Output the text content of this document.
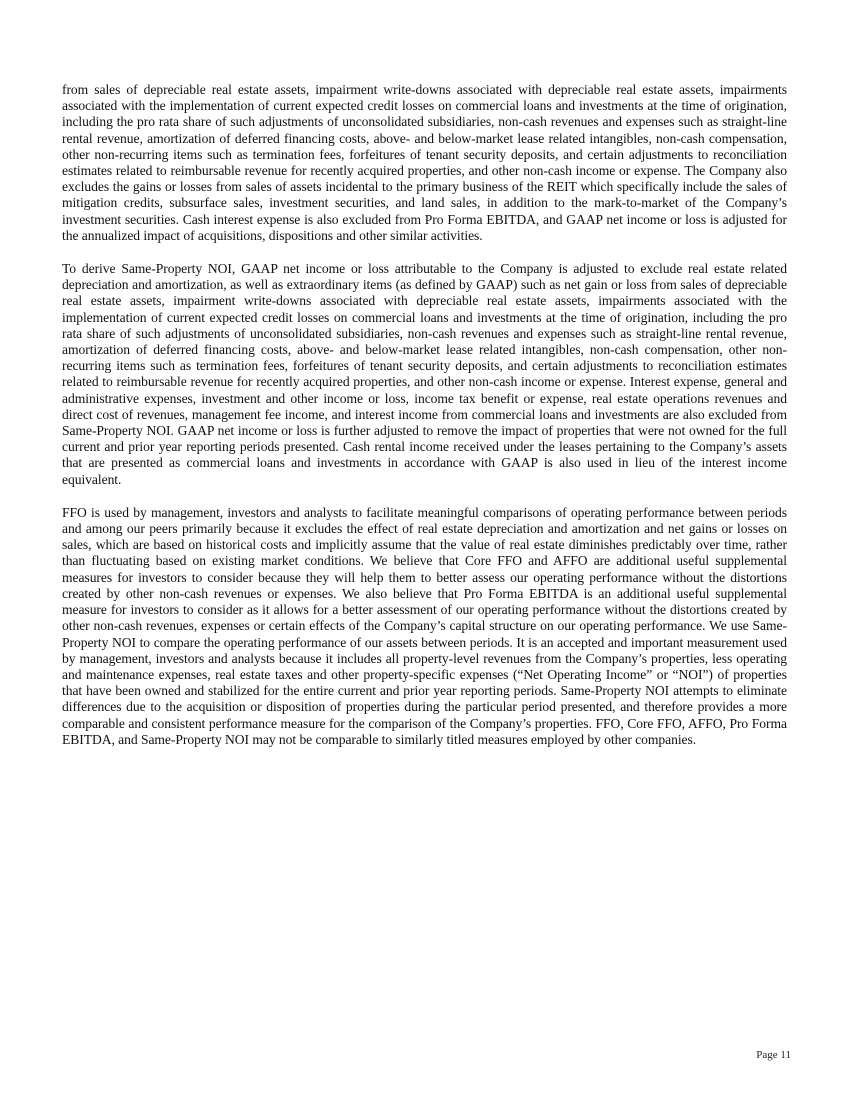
from sales of depreciable real estate assets, impairment write-downs associated with depreciable real estate assets, impairments associated with the implementation of current expected credit losses on commercial loans and investments at the time of origination, including the pro rata share of such adjustments of unconsolidated subsidiaries, non-cash revenues and expenses such as straight-line rental revenue, amortization of deferred financing costs, above- and below-market lease related intangibles, non-cash compensation, other non-recurring items such as termination fees, forfeitures of tenant security deposits, and certain adjustments to reconciliation estimates related to reimbursable revenue for recently acquired properties, and other non-cash income or expense. The Company also excludes the gains or losses from sales of assets incidental to the primary business of the REIT which specifically include the sales of mitigation credits, subsurface sales, investment securities, and land sales, in addition to the mark-to-market of the Company’s investment securities. Cash interest expense is also excluded from Pro Forma EBITDA, and GAAP net income or loss is adjusted for the annualized impact of acquisitions, dispositions and other similar activities.

To derive Same-Property NOI, GAAP net income or loss attributable to the Company is adjusted to exclude real estate related depreciation and amortization, as well as extraordinary items (as defined by GAAP) such as net gain or loss from sales of depreciable real estate assets, impairment write-downs associated with depreciable real estate assets, impairments associated with the implementation of current expected credit losses on commercial loans and investments at the time of origination, including the pro rata share of such adjustments of unconsolidated subsidiaries, non-cash revenues and expenses such as straight-line rental revenue, amortization of deferred financing costs, above- and below-market lease related intangibles, non-cash compensation, other non-recurring items such as termination fees, forfeitures of tenant security deposits, and certain adjustments to reconciliation estimates related to reimbursable revenue for recently acquired properties, and other non-cash income or expense. Interest expense, general and administrative expenses, investment and other income or loss, income tax benefit or expense, real estate operations revenues and direct cost of revenues, management fee income, and interest income from commercial loans and investments are also excluded from Same-Property NOI. GAAP net income or loss is further adjusted to remove the impact of properties that were not owned for the full current and prior year reporting periods presented. Cash rental income received under the leases pertaining to the Company’s assets that are presented as commercial loans and investments in accordance with GAAP is also used in lieu of the interest income equivalent.

FFO is used by management, investors and analysts to facilitate meaningful comparisons of operating performance between periods and among our peers primarily because it excludes the effect of real estate depreciation and amortization and net gains or losses on sales, which are based on historical costs and implicitly assume that the value of real estate diminishes predictably over time, rather than fluctuating based on existing market conditions. We believe that Core FFO and AFFO are additional useful supplemental measures for investors to consider because they will help them to better assess our operating performance without the distortions created by other non-cash revenues or expenses. We also believe that Pro Forma EBITDA is an additional useful supplemental measure for investors to consider as it allows for a better assessment of our operating performance without the distortions created by other non-cash revenues, expenses or certain effects of the Company’s capital structure on our operating performance. We use Same-Property NOI to compare the operating performance of our assets between periods. It is an accepted and important measurement used by management, investors and analysts because it includes all property-level revenues from the Company’s properties, less operating and maintenance expenses, real estate taxes and other property-specific expenses (“Net Operating Income” or “NOI”) of properties that have been owned and stabilized for the entire current and prior year reporting periods. Same-Property NOI attempts to eliminate differences due to the acquisition or disposition of properties during the particular period presented, and therefore provides a more comparable and consistent performance measure for the comparison of the Company’s properties. FFO, Core FFO, AFFO, Pro Forma EBITDA, and Same-Property NOI may not be comparable to similarly titled measures employed by other companies.

Page 11
